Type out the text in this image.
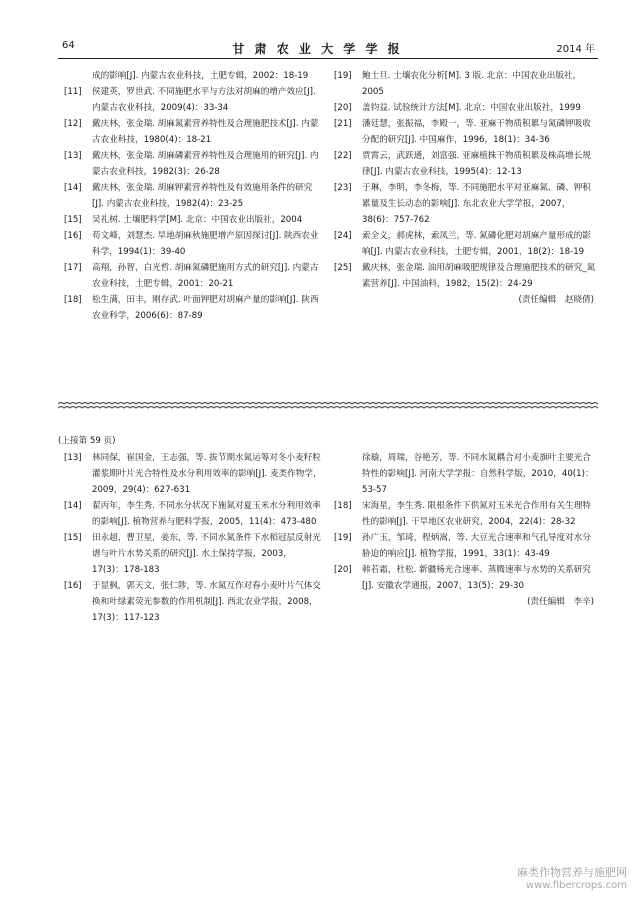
64	甘 肃 农 业 大 学 学 报	2014 年
成的影响[J]. 内蒙古农业科技，土肥专辑，2002：18-19
[11] 侯建英，罗世武. 不同施肥水平与方法对胡麻的增产效应[J]. 内蒙古农业科技，2009(4)：33-34
[12] 戴庆林，张金瑞. 胡麻氮素营养特性及合理施肥技术[J]. 内蒙古农业科技，1980(4)：18-21
[13] 戴庆林，张金瑞. 胡麻磷素营养特性及合理施用的研究[J]. 内蒙古农业科技，1982(3)：26-28
[14] 戴庆林，张金瑞. 胡麻钾素营养特性及有效施用条件的研究[J]. 内蒙古农业科技，1982(4)：23-25
[15] 吴礼树. 土壤肥料学[M]. 北京：中国农业出版社，2004
[16] 苟文峰，刘慧杰. 旱地胡麻秋施肥增产原因探讨[J]. 陕西农业科学，1994(1)：39-40
[17] 高翔，孙智，白光哲. 胡麻氮磷肥施用方式的研究[J]. 内蒙古农业科技，土肥专辑，2001：20-21
[18] 松生满，田丰，刚存武. 叶面钾肥对胡麻产量的影响[J]. 陕西农业科学，2006(6)：87-89
[19] 鲍士旦. 土壤农化分析[M]. 3 版. 北京：中国农业出版社，2005
[20] 盖钧益. 试验统计方法[M]. 北京：中国农业出版社，1999
[21] 潘廷慧，张振福，李殿一，等. 亚麻干物质积累与氮磷钾吸收分配的研究[J]. 中国麻作，1996，18(1)：34-36
[22] 贾霄云，武跃通，刘富强. 亚麻植株干物质积累及株高增长规律[J]. 内蒙古农业科技，1995(4)：12-13
[23] 于琳，李明，李冬梅，等. 不同施肥水平对亚麻氮、磷、钾积累量及生长动态的影响[J]. 东北农业大学学报，2007，38(6)：757-762
[24] 索全义，郝虎林，索凤兰，等. 氮磷化肥对胡麻产量形成的影响[J]. 内蒙古农业科技，土肥专辑，2001，18(2)：18-19
[25] 戴庆林，张金瑞. 油用胡麻吸肥规律及合理施肥技术的研究_氮素营养[J]. 中国油料，1982，15(2)：24-29
(责任编辑　赵晓倩)
(上接第 59 页)
[13] 林同保，崔国金，王志强，等. 拔节期水氮运筹对冬小麦籽粒灌浆期叶片光合特性及水分利用效率的影响[J]. 麦类作物学，2009，29(4)：627-631
[14] 翟丙年，李生秀. 不同水分状况下施氮对夏玉米水分利用效率的影响[J]. 植物营养与肥料学报，2005，11(4)：473-480
[15] 田永超，曹卫星，姜东，等. 不同水氮条件下水稻冠层反射光谱与叶片水势关系的研究[J]. 水土保持学报，2003，17(3)：178-183
[16] 于显枫，郭天文，张仁陟，等. 水氮互作对春小麦叶片气体交换和叶绿素荧光参数的作用机制[J]. 西北农业学报，2008，17(3)：117-123
徐璇，周瑞，谷艳芳，等. 不同水氮耦合对小麦旗叶主要光合特性的影响[J]. 河南大学学报：自然科学版，2010，40(1)：53-57
[18] 宋海星，李生秀. 限根条件下供氮对玉米光合作用有关生理特性的影响[J]. 干旱地区农业研究，2004，22(4)：28-32
[19] 孙广玉，邹琦，程炳嵩，等. 大豆光合速率和气孔导度对水分胁迫的响应[J]. 植物学报，1991，33(1)：43-49
[20] 韩若霜，杜松. 新疆杨光合速率、蒸腾速率与水势的关系研究[J]. 安徽农学通报，2007，13(5)：29-30
(责任编辑　李辛)
麻类作物营养与施肥网
www.fibercrops.com
